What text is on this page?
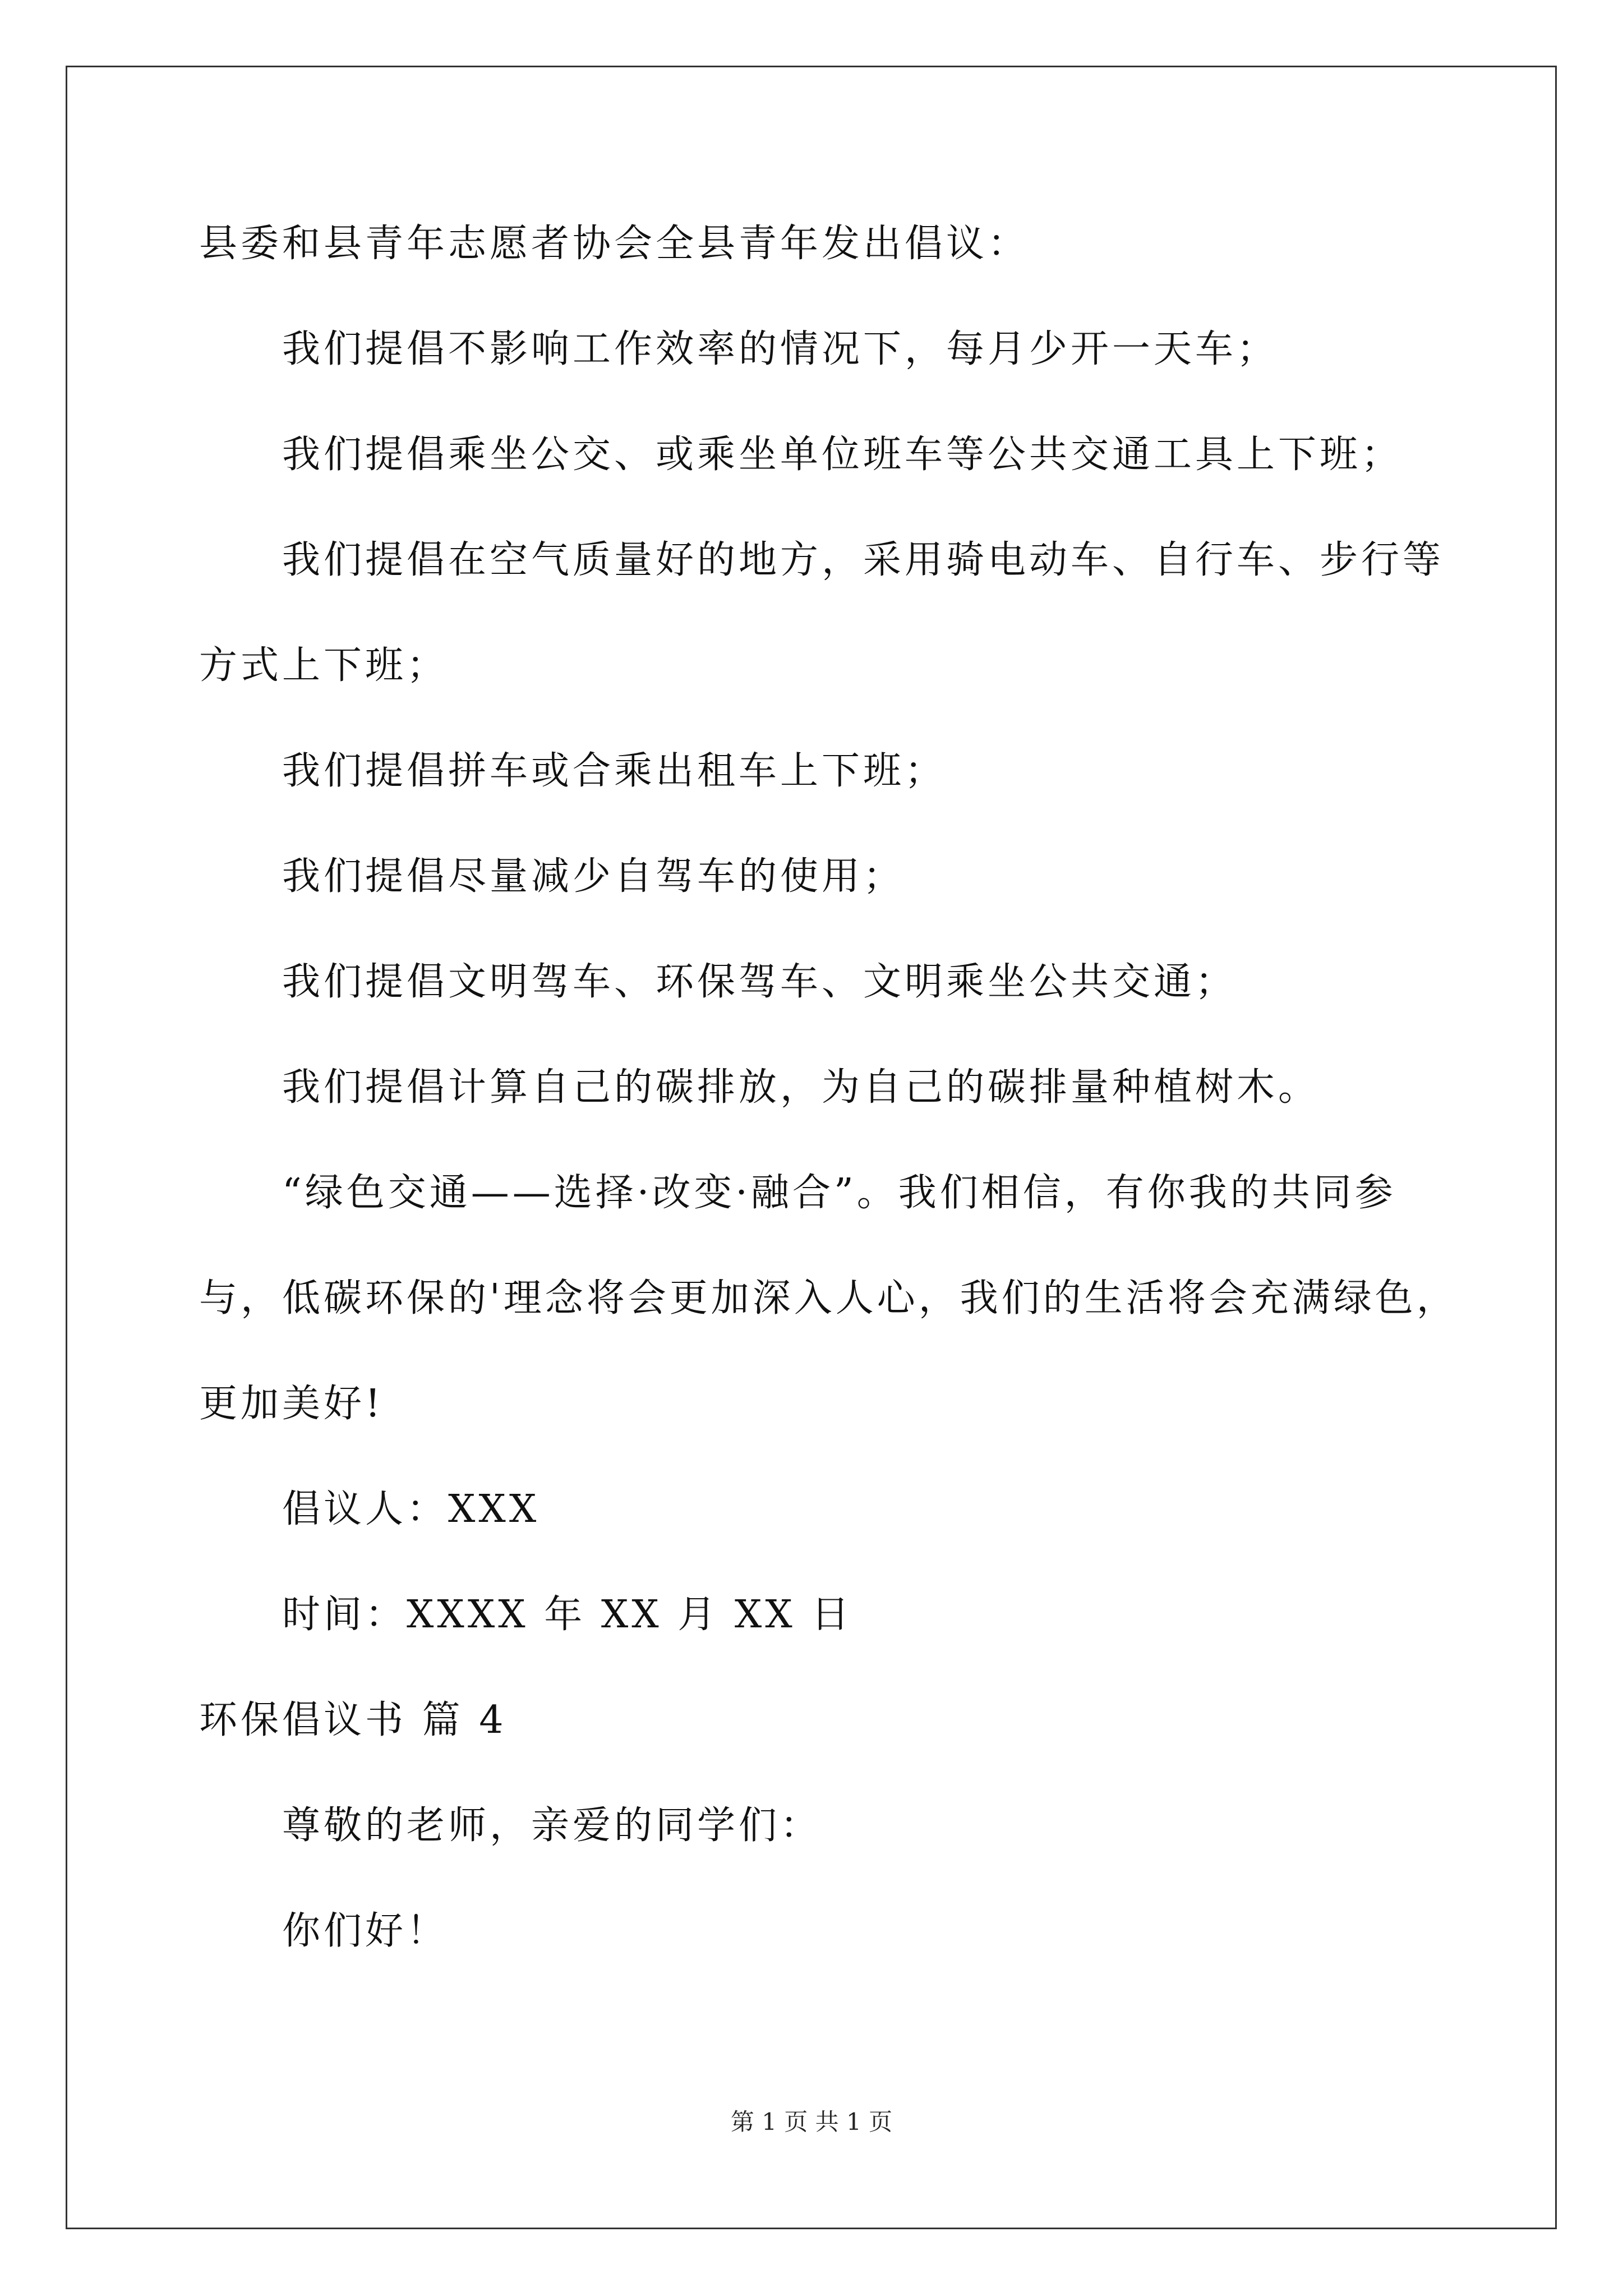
县委和县青年志愿者协会全县青年发出倡议：
我们提倡不影响工作效率的情况下，每月少开一天车；
我们提倡乘坐公交、或乘坐单位班车等公共交通工具上下班；
我们提倡在空气质量好的地方，采用骑电动车、自行车、步行等
方式上下班；
我们提倡拼车或合乘出租车上下班；
我们提倡尽量减少自驾车的使用；
我们提倡文明驾车、环保驾车、文明乘坐公共交通；
我们提倡计算自己的碳排放，为自己的碳排量种植树木。
“绿色交通——选择·改变·融合”。我们相信，有你我的共同参
与，低碳环保的'理念将会更加深入人心，我们的生活将会充满绿色，
更加美好!
倡议人：XXX
时间：XXXX 年 XX 月 XX 日
环保倡议书 篇 4
尊敬的老师，亲爱的同学们：
你们好！
第 1 页 共 1 页
